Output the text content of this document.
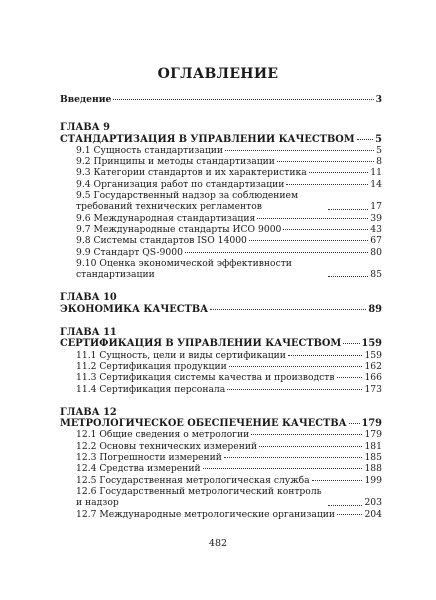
ОГЛАВЛЕНИЕ
Введение	3
ГЛАВА 9
СТАНДАРТИЗАЦИЯ В УПРАВЛЕНИИ КАЧЕСТВОМ 5
9.1 Сущность стандартизации	5
9.2 Принципы и методы стандартизации	8
9.3 Категории стандартов и их характеристика	11
9.4 Организация работ по стандартизации	14
9.5 Государственный надзор за соблюдением требований технических регламентов	17
9.6 Международная стандартизация	39
9.7 Международные стандарты ИСО 9000	43
9.8 Системы стандартов ISO 14000	67
9.9 Стандарт QS-9000	80
9.10 Оценка экономической эффективности стандартизации	85
ГЛАВА 10
ЭКОНОМИКА КАЧЕСТВА	89
ГЛАВА 11
СЕРТИФИКАЦИЯ В УПРАВЛЕНИИ КАЧЕСТВОМ 159
11.1 Сущность, цели и виды сертификации	159
11.2 Сертификация продукции	162
11.3 Сертификация системы качества и производств	166
11.4 Сертификация персонала	173
ГЛАВА 12
МЕТРОЛОГИЧЕСКОЕ ОБЕСПЕЧЕНИЕ КАЧЕСТВА 179
12.1 Общие сведения о метрологии	179
12.2 Основы технических измерений	181
12.3 Погрешности измерений	185
12.4 Средства измерений	188
12.5 Государственная метрологическая служба	199
12.6 Государственный метрологический контроль и надзор	203
12.7 Международные метрологические организации	204
482
